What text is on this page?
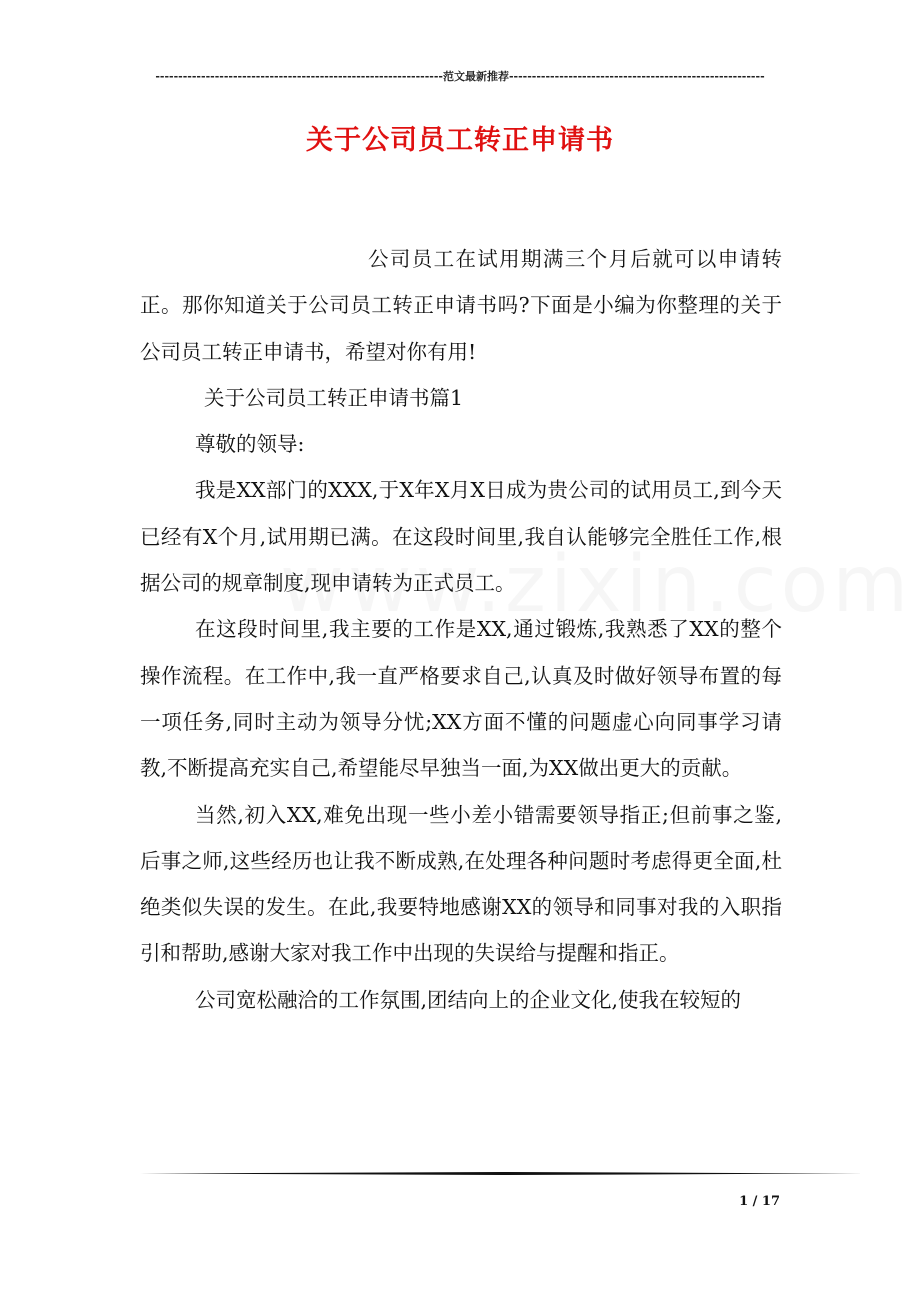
---------------------------------------------------------------范文最新推荐--------------------------------------------------------
关于公司员工转正申请书

公司员工在试用期满三个月后就可以申请转正。那你知道关于公司员工转正申请书吗?下面是小编为你整理的关于公司员工转正申请书，希望对你有用!

关于公司员工转正申请书篇1

尊敬的领导:

我是XX部门的XXX,于X年X月X日成为贵公司的试用员工,到今天已经有X个月,试用期已满。在这段时间里,我自认能够完全胜任工作,根据公司的规章制度,现申请转为正式员工。

在这段时间里,我主要的工作是XX,通过锻炼,我熟悉了XX的整个操作流程。在工作中,我一直严格要求自己,认真及时做好领导布置的每一项任务,同时主动为领导分忧;XX方面不懂的问题虚心向同事学习请教,不断提高充实自己,希望能尽早独当一面,为XX做出更大的贡献。

当然,初入XX,难免出现一些小差小错需要领导指正;但前事之鉴,后事之师,这些经历也让我不断成熟,在处理各种问题时考虑得更全面,杜绝类似失误的发生。在此,我要特地感谢XX的领导和同事对我的入职指引和帮助,感谢大家对我工作中出现的失误给与提醒和指正。

公司宽松融洽的工作氛围,团结向上的企业文化,使我在较短的

1 / 17
